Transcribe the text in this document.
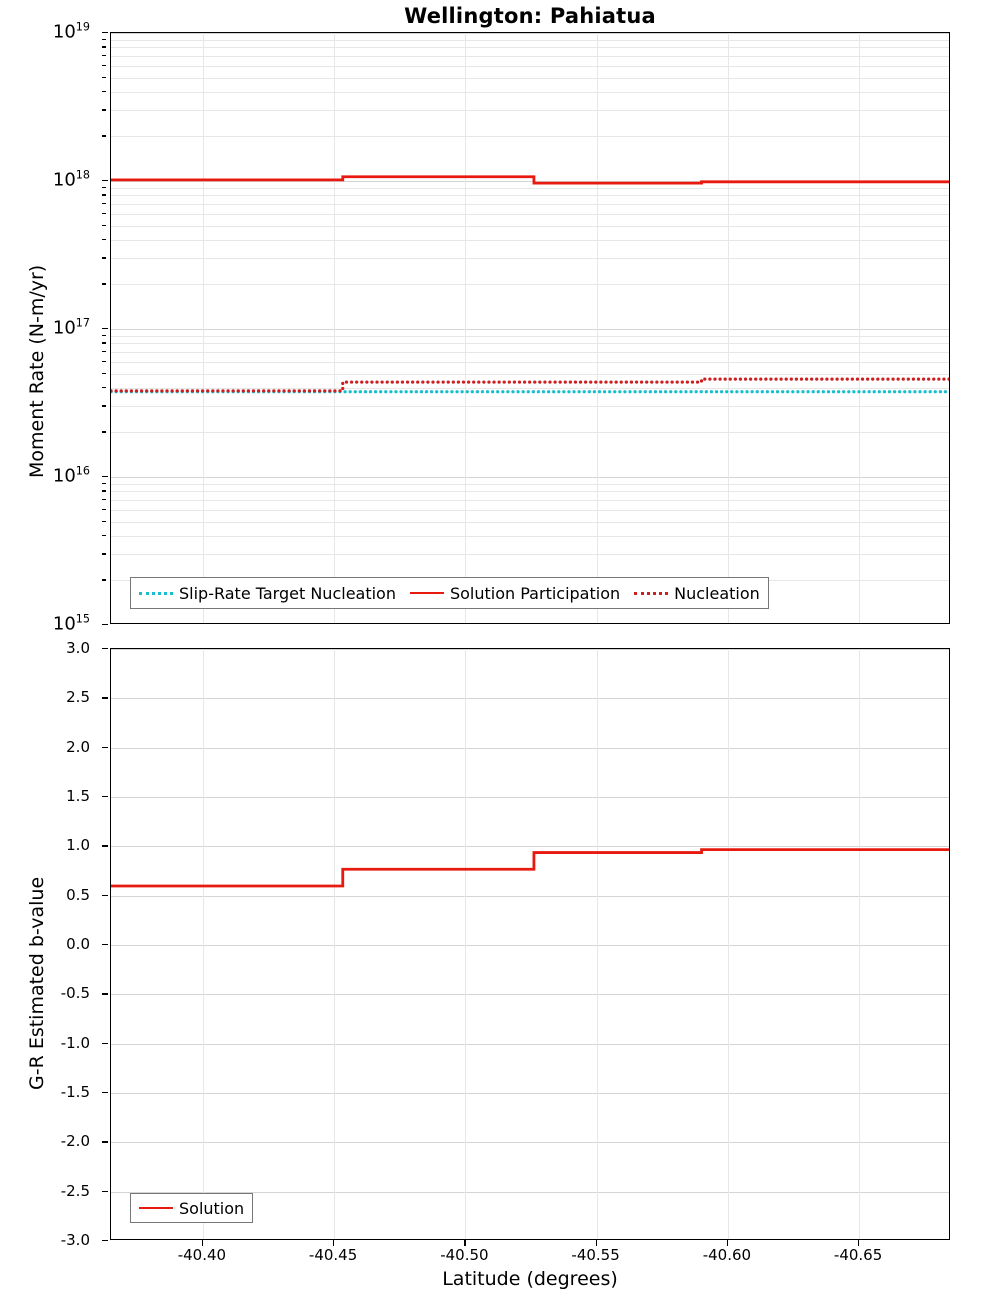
Wellington: Pahiatua
$10^{19}$
$10^{18}$
$10^{17}$
$10^{16}$
$10^{15}$
Moment Rate (N-m/yr)
Slip-Rate Target Nucleation	Solution Participation	Nucleation
3.0
2.5
2.0
1.5
1.0
0.5
0.0
-0.5
-1.0
-1.5
-2.0
-2.5
-3.0
G-R Estimated b-value
-40.40	-40.45	-40.50	-40.55	-40.60	-40.65
Latitude (degrees)
Solution
